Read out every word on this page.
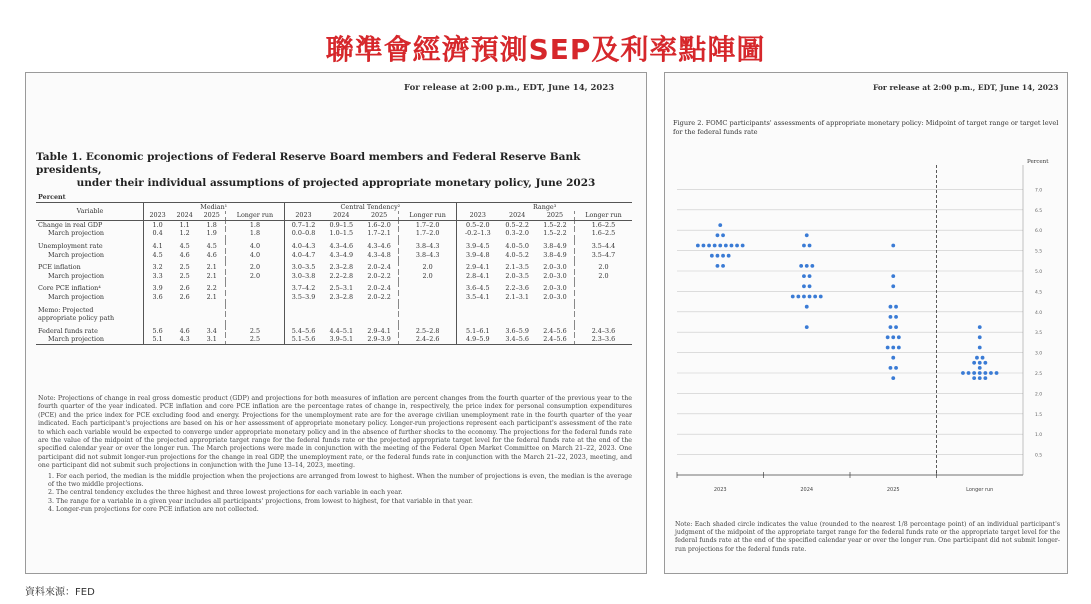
聯準會經濟預測SEP及利率點陣圖
For release at 2:00 p.m., EDT, June 14, 2023
Table 1. Economic projections of Federal Reserve Board members and Federal Reserve Bank presidents,
under their individual assumptions of projected appropriate monetary policy, June 2023
Percent												
Variable	Median¹				Central Tendency²				Range³			
	2023	2024	2025	Longer run	2023	2024	2025	Longer run	2023	2024	2025	Longer run
Change in real GDP	1.0	1.1	1.8	1.8	0.7–1.2	0.9–1.5	1.6–2.0	1.7–2.0	0.5–2.0	0.5–2.2	1.5–2.2	1.6–2.5
March projection	0.4	1.2	1.9	1.8	0.0–0.8	1.0–1.5	1.7–2.1	1.7–2.0	-0.2–1.3	0.3–2.0	1.5–2.2	1.6–2.5

Unemployment rate	4.1	4.5	4.5	4.0	4.0–4.3	4.3–4.6	4.3–4.6	3.8–4.3	3.9–4.5	4.0–5.0	3.8–4.9	3.5–4.4
March projection	4.5	4.6	4.6	4.0	4.0–4.7	4.3–4.9	4.3–4.8	3.8–4.3	3.9–4.8	4.0–5.2	3.8–4.9	3.5–4.7

PCE inflation	3.2	2.5	2.1	2.0	3.0–3.5	2.3–2.8	2.0–2.4	2.0	2.9–4.1	2.1–3.5	2.0–3.0	2.0
March projection	3.3	2.5	2.1	2.0	3.0–3.8	2.2–2.8	2.0–2.2	2.0	2.8–4.1	2.0–3.5	2.0–3.0	2.0

Core PCE inflation⁴	3.9	2.6	2.2		3.7–4.2	2.5–3.1	2.0–2.4		3.6–4.5	2.2–3.6	2.0–3.0	
March projection	3.6	2.6	2.1		3.5–3.9	2.3–2.8	2.0–2.2		3.5–4.1	2.1–3.1	2.0–3.0	

Memo: Projected												
appropriate policy path												

Federal funds rate	5.6	4.6	3.4	2.5	5.4–5.6	4.4–5.1	2.9–4.1	2.5–2.8	5.1–6.1	3.6–5.9	2.4–5.6	2.4–3.6
March projection	5.1	4.3	3.1	2.5	5.1–5.6	3.9–5.1	2.9–3.9	2.4–2.6	4.9–5.9	3.4–5.6	2.4–5.6	2.3–3.6
Note: Projections of change in real gross domestic product (GDP) and projections for both measures of inflation are percent changes from the fourth quarter of the previous year to the fourth quarter of the year indicated. PCE inflation and core PCE inflation are the percentage rates of change in, respectively, the price index for personal consumption expenditures (PCE) and the price index for PCE excluding food and energy. Projections for the unemployment rate are for the average civilian unemployment rate in the fourth quarter of the year indicated. Each participant's projections are based on his or her assessment of appropriate monetary policy. Longer-run projections represent each participant's assessment of the rate to which each variable would be expected to converge under appropriate monetary policy and in the absence of further shocks to the economy. The projections for the federal funds rate are the value of the midpoint of the projected appropriate target range for the federal funds rate or the projected appropriate target level for the federal funds rate at the end of the specified calendar year or over the longer run. The March projections were made in conjunction with the meeting of the Federal Open Market Committee on March 21–22, 2023. One participant did not submit longer-run projections for the change in real GDP, the unemployment rate, or the federal funds rate in conjunction with the March 21–22, 2023, meeting, and one participant did not submit such projections in conjunction with the June 13–14, 2023, meeting.
1. For each period, the median is the middle projection when the projections are arranged from lowest to highest. When the number of projections is even, the median is the average of the two middle projections.
2. The central tendency excludes the three highest and three lowest projections for each variable in each year.
3. The range for a variable in a given year includes all participants' projections, from lowest to highest, for that variable in that year.
4. Longer-run projections for core PCE inflation are not collected.
For release at 2:00 p.m., EDT, June 14, 2023
Figure 2. FOMC participants' assessments of appropriate monetary policy: Midpoint of target range or target level for the federal funds rate
Percent
0.5
1.0
1.5
2.0
2.5
3.0
3.5
4.0
4.5
5.0
5.5
6.0
6.5
7.0
2023	2024	2025	Longer run
Note: Each shaded circle indicates the value (rounded to the nearest 1/8 percentage point) of an individual participant's judgment of the midpoint of the appropriate target range for the federal funds rate or the appropriate target level for the federal funds rate at the end of the specified calendar year or over the longer run. One participant did not submit longer-run projections for the federal funds rate.
資料來源：FED
